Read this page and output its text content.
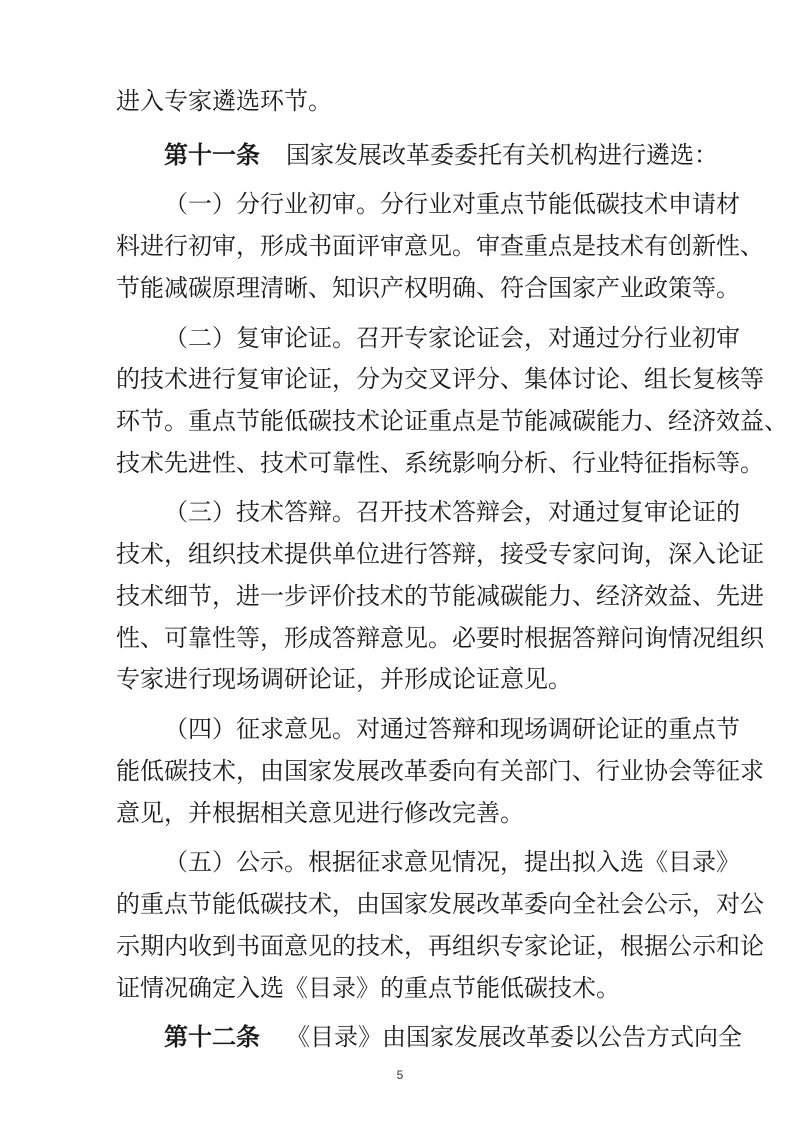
进入专家遴选环节。
第十一条 国家发展改革委委托有关机构进行遴选：
（一）分行业初审。分行业对重点节能低碳技术申请材
料进行初审，形成书面评审意见。审查重点是技术有创新性、
节能减碳原理清晰、知识产权明确、符合国家产业政策等。
（二）复审论证。召开专家论证会，对通过分行业初审
的技术进行复审论证，分为交叉评分、集体讨论、组长复核等
环节。重点节能低碳技术论证重点是节能减碳能力、经济效益、
技术先进性、技术可靠性、系统影响分析、行业特征指标等。
（三）技术答辩。召开技术答辩会，对通过复审论证的
技术，组织技术提供单位进行答辩，接受专家问询，深入论证
技术细节，进一步评价技术的节能减碳能力、经济效益、先进
性、可靠性等，形成答辩意见。必要时根据答辩问询情况组织
专家进行现场调研论证，并形成论证意见。
（四）征求意见。对通过答辩和现场调研论证的重点节
能低碳技术，由国家发展改革委向有关部门、行业协会等征求
意见，并根据相关意见进行修改完善。
（五）公示。根据征求意见情况，提出拟入选《目录》
的重点节能低碳技术，由国家发展改革委向全社会公示，对公
示期内收到书面意见的技术，再组织专家论证，根据公示和论
证情况确定入选《目录》的重点节能低碳技术。
第十二条 《目录》由国家发展改革委以公告方式向全
5
